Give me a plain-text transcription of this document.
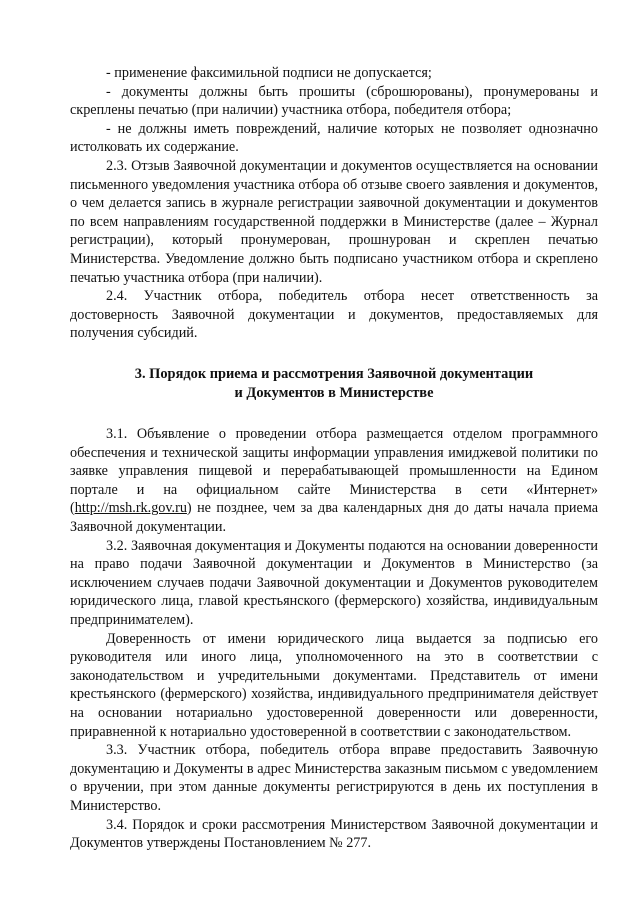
- применение факсимильной подписи не допускается;

- документы должны быть прошиты (сброшюрованы), пронумерованы и скреплены печатью (при наличии) участника отбора, победителя отбора;

- не должны иметь повреждений, наличие которых не позволяет однозначно истолковать их содержание.

2.3. Отзыв Заявочной документации и документов осуществляется на основании письменного уведомления участника отбора об отзыве своего заявления и документов, о чем делается запись в журнале регистрации заявочной документации и документов по всем направлениям государственной поддержки в Министерстве (далее – Журнал регистрации), который пронумерован, прошнурован и скреплен печатью Министерства. Уведомление должно быть подписано участником отбора и скреплено печатью участника отбора (при наличии).

2.4. Участник отбора, победитель отбора несет ответственность за достоверность Заявочной документации и документов, предоставляемых для получения субсидий.

3. Порядок приема и рассмотрения Заявочной документации

и Документов в Министерстве

3.1. Объявление о проведении отбора размещается отделом программного обеспечения и технической защиты информации управления имиджевой политики по заявке управления пищевой и перерабатывающей промышленности на Едином портале и на официальном сайте Министерства в сети «Интернет» (http://msh.rk.gov.ru) не позднее, чем за два календарных дня до даты начала приема Заявочной документации.

3.2. Заявочная документация и Документы подаются на основании доверенности на право подачи Заявочной документации и Документов в Министерство (за исключением случаев подачи Заявочной документации и Документов руководителем юридического лица, главой крестьянского (фермерского) хозяйства, индивидуальным предпринимателем).

Доверенность от имени юридического лица выдается за подписью его руководителя или иного лица, уполномоченного на это в соответствии с законодательством и учредительными документами. Представитель от имени крестьянского (фермерского) хозяйства, индивидуального предпринимателя действует на основании нотариально удостоверенной доверенности или доверенности, приравненной к нотариально удостоверенной в соответствии с законодательством.

3.3. Участник отбора, победитель отбора вправе предоставить Заявочную документацию и Документы в адрес Министерства заказным письмом с уведомлением о вручении, при этом данные документы регистрируются в день их поступления в Министерство.

3.4. Порядок и сроки рассмотрения Министерством Заявочной документации и Документов утверждены Постановлением № 277.
